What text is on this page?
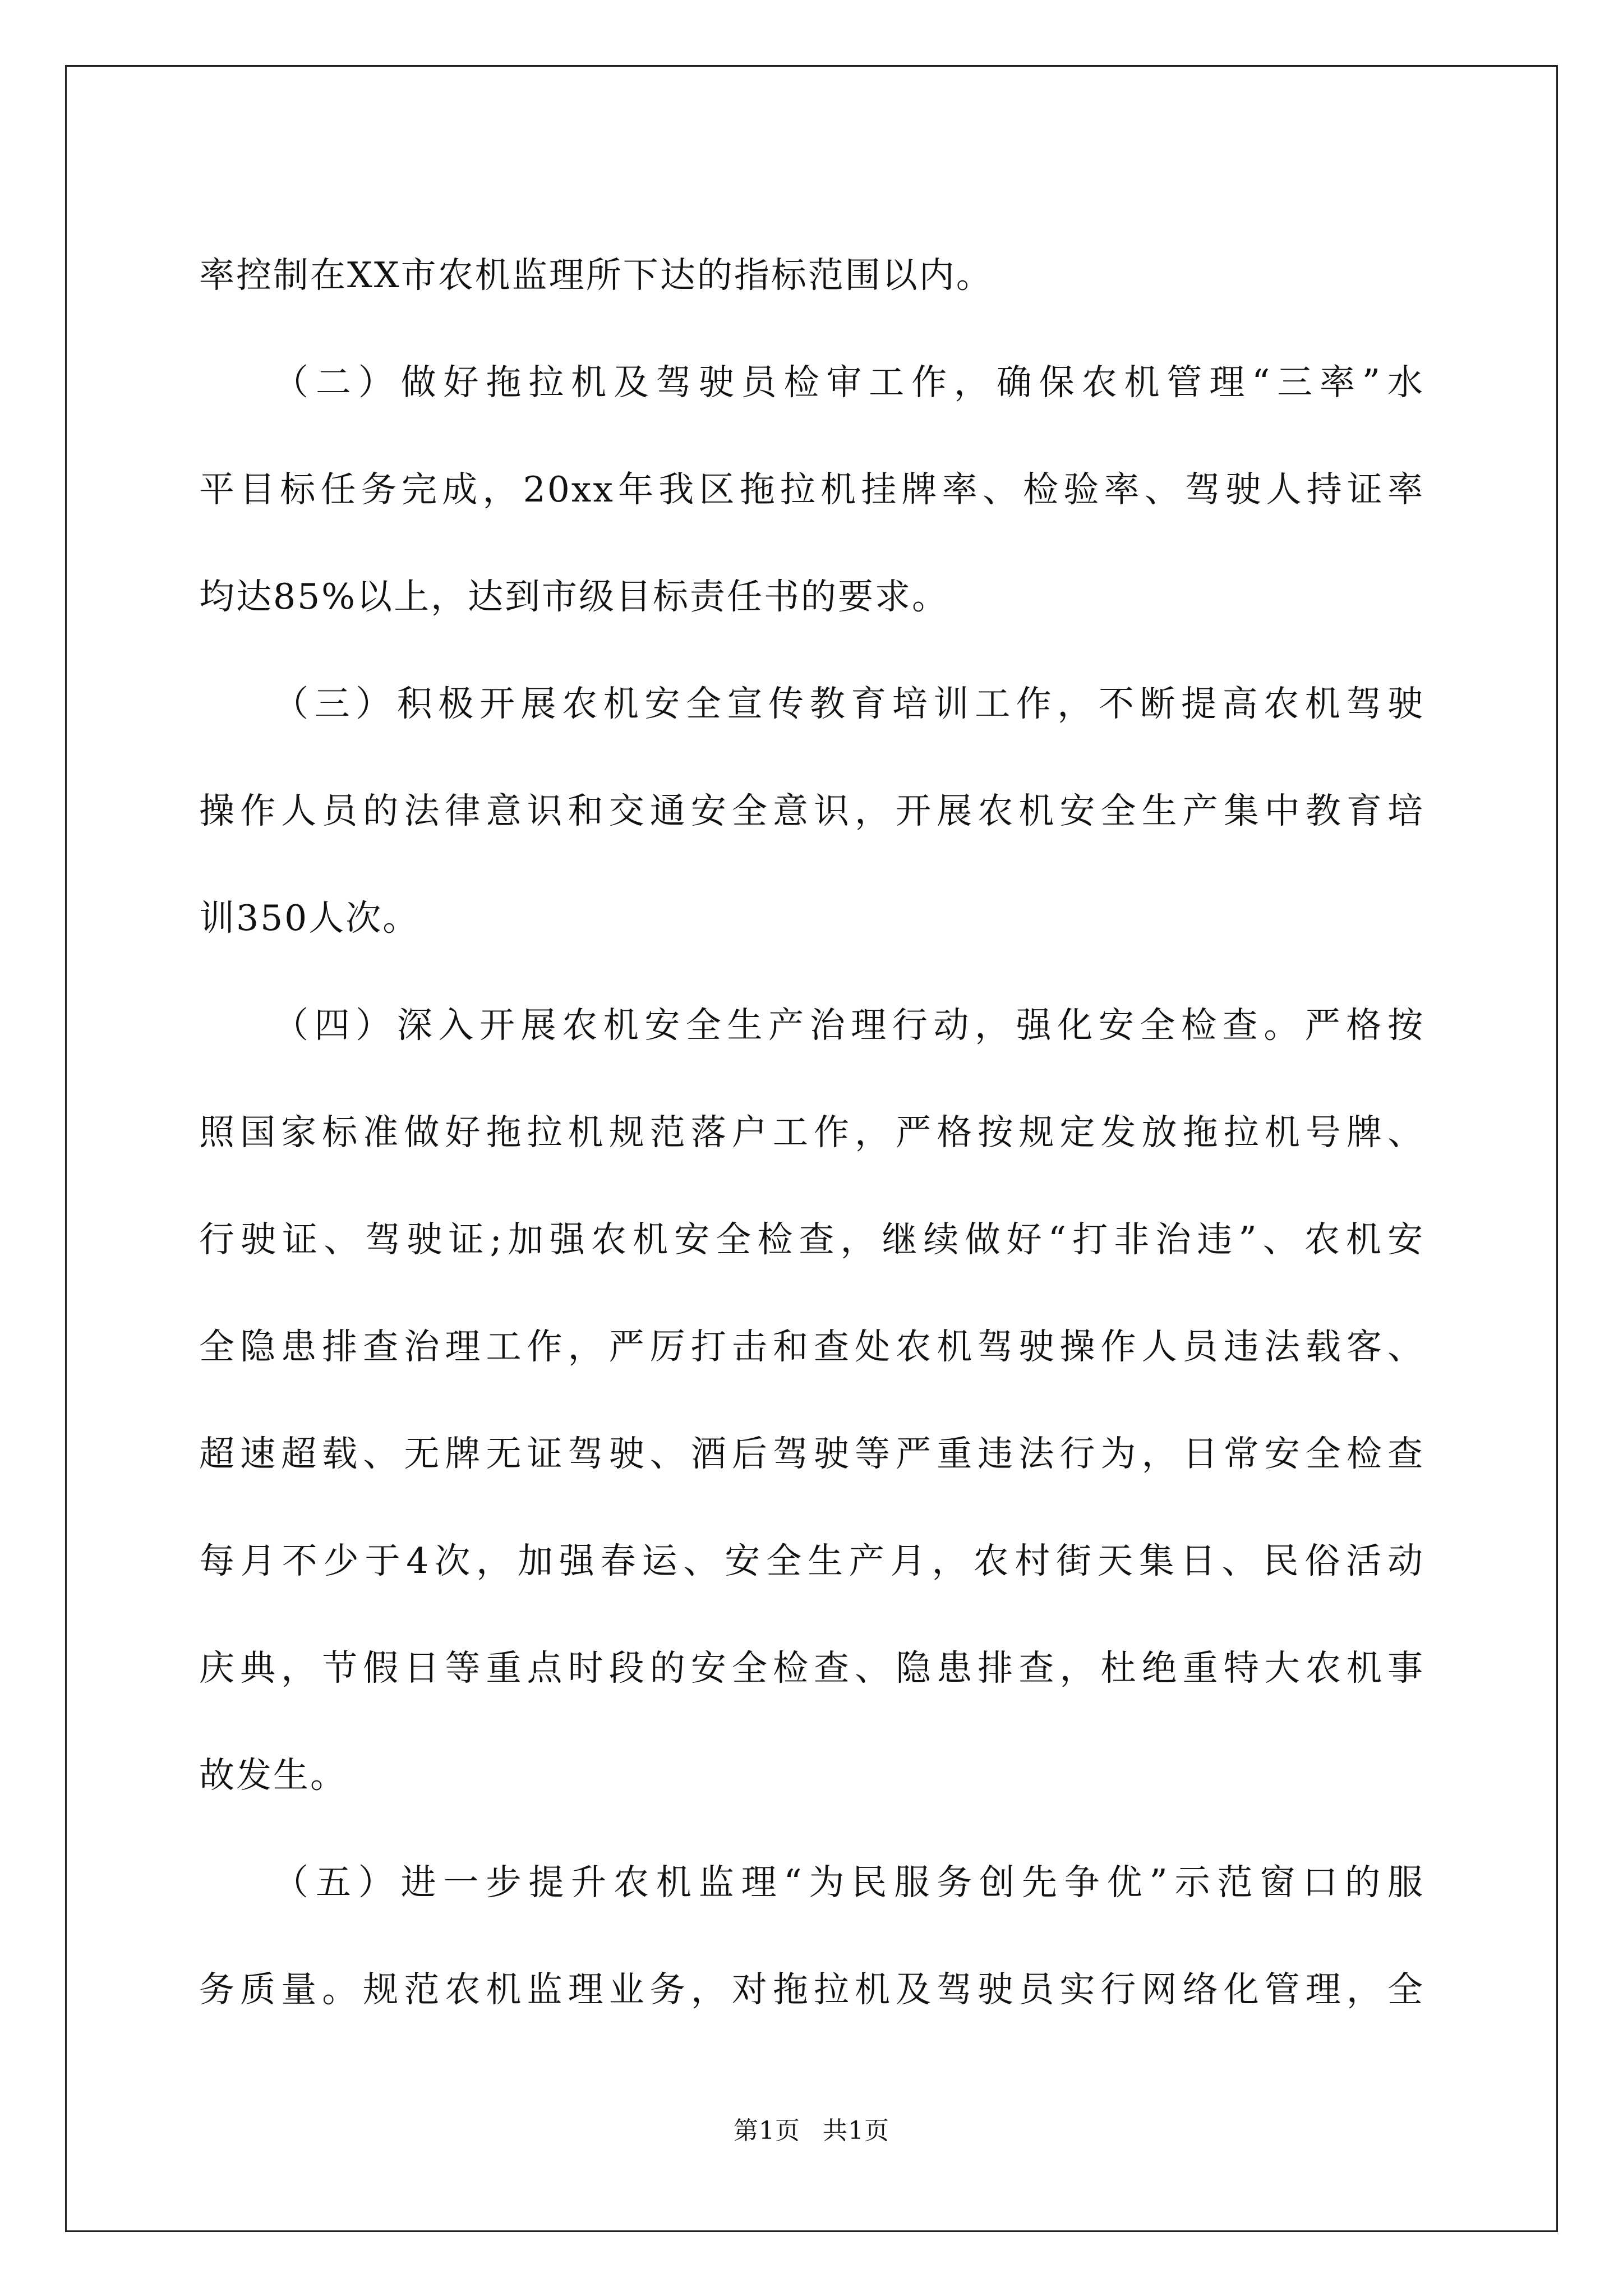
率控制在XX市农机监理所下达的指标范围以内。
（二）做好拖拉机及驾驶员检审工作，确保农机管理“三率”水
平目标任务完成，20xx年我区拖拉机挂牌率、检验率、驾驶人持证率
均达85%以上，达到市级目标责任书的要求。
（三）积极开展农机安全宣传教育培训工作，不断提高农机驾驶
操作人员的法律意识和交通安全意识，开展农机安全生产集中教育培
训350人次。
（四）深入开展农机安全生产治理行动，强化安全检查。严格按
照国家标准做好拖拉机规范落户工作，严格按规定发放拖拉机号牌、
行驶证、驾驶证;加强农机安全检查，继续做好“打非治违”、农机安
全隐患排查治理工作，严厉打击和查处农机驾驶操作人员违法载客、
超速超载、无牌无证驾驶、酒后驾驶等严重违法行为，日常安全检查
每月不少于4次，加强春运、安全生产月，农村街天集日、民俗活动
庆典，节假日等重点时段的安全检查、隐患排查，杜绝重特大农机事
故发生。
（五）进一步提升农机监理“为民服务创先争优”示范窗口的服
务质量。规范农机监理业务，对拖拉机及驾驶员实行网络化管理，全
第1页 共1页
